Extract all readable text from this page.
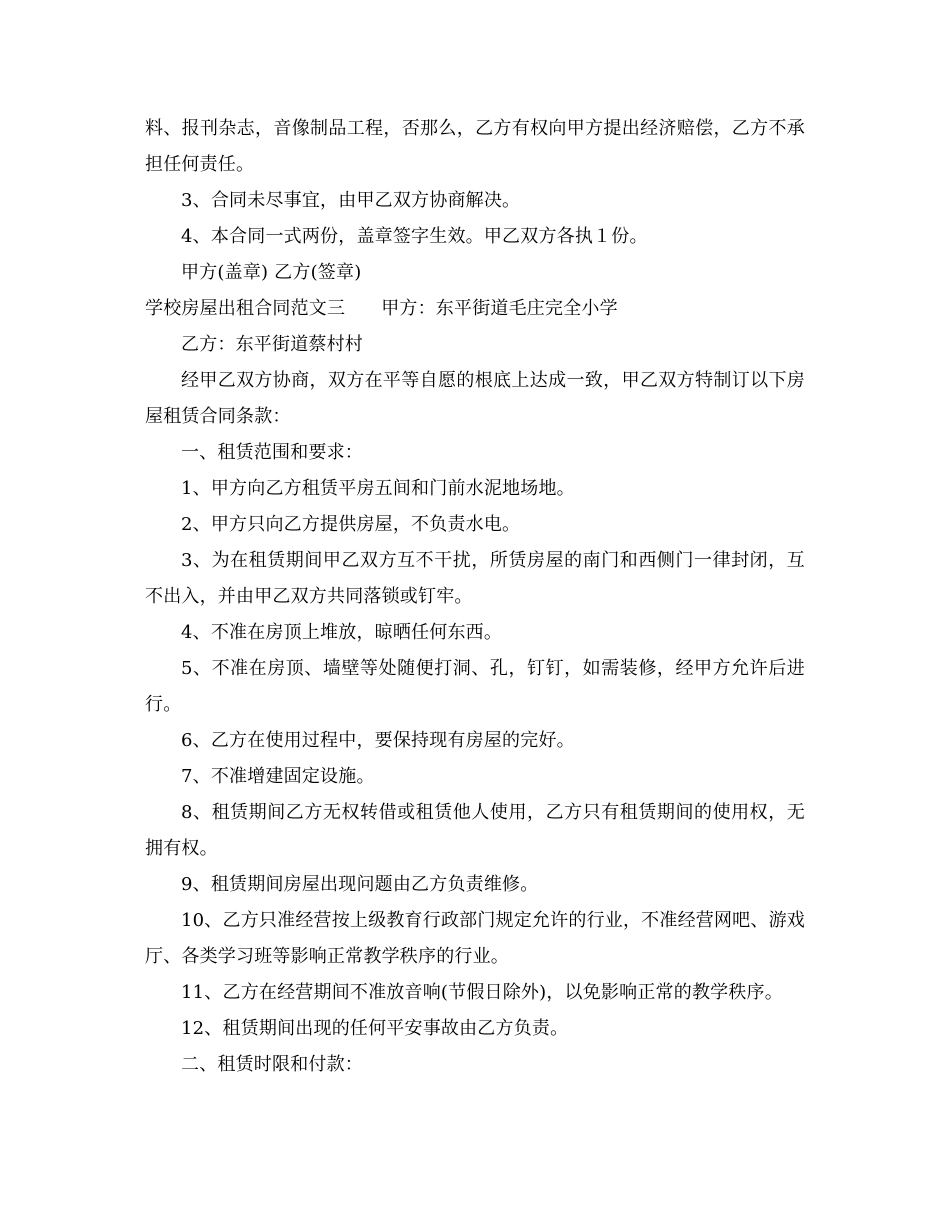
料、报刊杂志，音像制品工程，否那么，乙方有权向甲方提出经济赔偿，乙方不承担任何责任。

3、合同未尽事宜，由甲乙双方协商解决。

4、本合同一式两份，盖章签字生效。甲乙双方各执１份。

甲方(盖章) 乙方(签章)

学校房屋出租合同范文三 甲方：东平街道毛庄完全小学

乙方：东平街道蔡村村

经甲乙双方协商，双方在平等自愿的根底上达成一致，甲乙双方特制订以下房屋租赁合同条款：

一、租赁范围和要求：

1、甲方向乙方租赁平房五间和门前水泥地场地。

2、甲方只向乙方提供房屋，不负责水电。

3、为在租赁期间甲乙双方互不干扰，所赁房屋的南门和西侧门一律封闭，互不出入，并由甲乙双方共同落锁或钉牢。

4、不准在房顶上堆放，晾晒任何东西。

5、不准在房顶、墙壁等处随便打洞、孔，钉钉，如需装修，经甲方允许后进行。

6、乙方在使用过程中，要保持现有房屋的完好。

7、不准增建固定设施。

8、租赁期间乙方无权转借或租赁他人使用，乙方只有租赁期间的使用权，无拥有权。

9、租赁期间房屋出现问题由乙方负责维修。

10、乙方只准经营按上级教育行政部门规定允许的行业，不准经营网吧、游戏厅、各类学习班等影响正常教学秩序的行业。

11、乙方在经营期间不准放音响(节假日除外)，以免影响正常的教学秩序。

12、租赁期间出现的任何平安事故由乙方负责。

二、租赁时限和付款：
